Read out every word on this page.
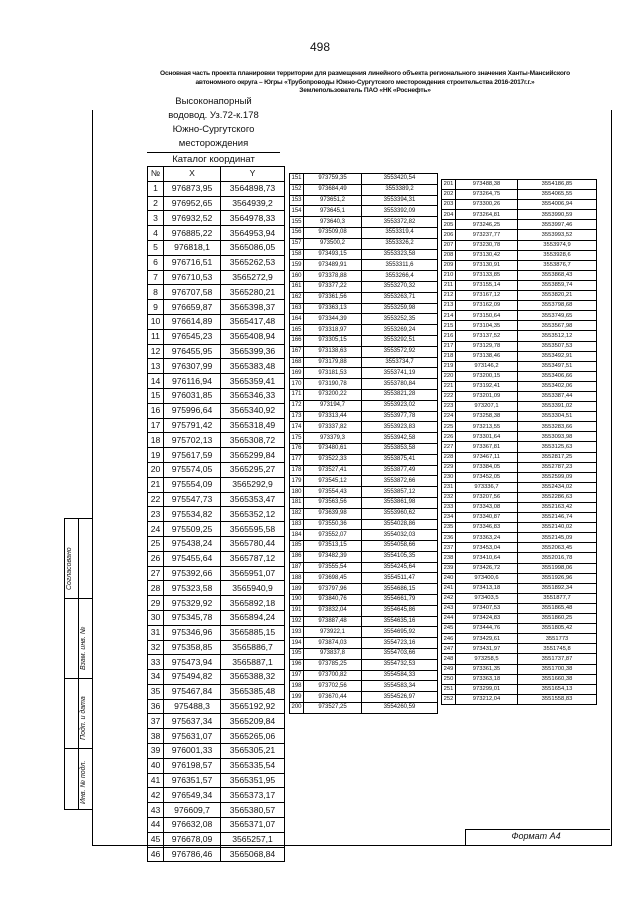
498
Основная часть проекта планировки территории для размещения линейного объекта регионального значения Ханты-Мансийского
автономного округа – Югры «Трубопроводы Южно-Сургутского месторождения строительства 2016-2017г.г.»
Землепользователь ПАО «НК «Роснефть»
Формат А4
Согласовано
Взам. инв. №
Подп. и дата
Инв. № подл.
Высоконапорный
водовод. Уз.72-к.178
Южно-Сургутского
месторождения
Каталог координат
№	X	Y
1	976873,95	3564898,73
2	976952,65	3564939,2
3	976932,52	3564978,33
4	976885,22	3564953,94
5	976818,1	3565086,05
6	976716,51	3565262,53
7	976710,53	3565272,9
8	976707,58	3565280,21
9	976659,87	3565398,37
10	976614,89	3565417,48
11	976545,23	3565408,94
12	976455,95	3565399,36
13	976307,99	3565383,48
14	976116,94	3565359,41
15	976031,85	3565346,33
16	975996,64	3565340,92
17	975791,42	3565318,49
18	975702,13	3565308,72
19	975617,59	3565299,84
20	975574,05	3565295,27
21	975554,09	3565292,9
22	975547,73	3565353,47
23	975534,82	3565352,12
24	975509,25	3565595,58
25	975438,24	3565780,44
26	975455,64	3565787,12
27	975392,66	3565951,07
28	975323,58	3565940,9
29	975329,92	3565892,18
30	975345,78	3565894,24
31	975346,96	3565885,15
32	975358,85	3565886,7
33	975473,94	3565887,1
34	975494,82	3565388,32
35	975467,84	3565385,48
36	975488,3	3565192,92
37	975637,34	3565209,84
38	975631,07	3565265,06
39	976001,33	3565305,21
40	976198,57	3565335,54
41	976351,57	3565351,95
42	976549,34	3565373,17
43	976609,7	3565380,57
44	976632,08	3565371,07
45	976678,09	3565257,1
46	976786,46	3565068,84
151	973759,35	3553420,54
152	973684,49	3553389,2
153	973651,2	3553394,31
154	973645,1	3553392,09
155	973640,3	3553372,82
156	973509,08	3553319,4
157	973500,2	3553326,2
158	973493,15	3553323,58
159	973489,91	3553311,6
160	973378,88	3553266,4
161	973377,22	3553270,32
162	973361,56	3553263,71
163	973363,13	3553259,98
164	973344,39	3553252,35
165	973318,97	3553269,24
166	973305,15	3553292,51
167	973138,63	3553572,92
168	973179,88	3553734,7
169	973181,53	3553741,19
170	973190,78	3553780,84
171	973200,22	3553821,28
172	973194,7	3553923,02
173	973313,44	3553977,78
174	973337,82	3553923,83
175	973379,3	3553942,58
176	973480,61	3553853,58
177	973522,33	3553875,41
178	973527,41	3553877,49
179	973545,12	3553872,66
180	973554,43	3553857,12
181	973563,56	3553861,98
182	973639,98	3553960,62
183	973550,36	3554028,86
184	973552,07	3554032,03
185	973513,15	3554058,66
186	973482,39	3554105,35
187	973555,54	3554245,64
188	973698,45	3554511,47
189	973797,96	3554686,15
190	973840,76	3554661,79
191	973832,04	3554645,86
192	973887,48	3554635,16
193	973922,1	3554695,92
194	973874,03	3554723,16
195	973837,8	3554703,66
196	973785,25	3554732,53
197	973700,82	3554584,33
198	973702,56	3554583,34
199	973670,44	3554526,97
200	973527,25	3554260,59
201	973488,38	3554186,85
202	973264,75	3554065,55
203	973300,26	3554006,94
204	973264,81	3553990,59
205	973246,25	3553997,46
206	973237,77	3553993,52
207	973230,78	3553974,9
208	973130,42	3553928,6
209	973130,91	3553876,7
210	973133,85	3553868,43
211	973155,14	3553859,74
212	973167,12	3553820,21
213	973162,09	3553798,68
214	973150,64	3553749,65
215	973104,35	3553567,98
216	973137,52	3553512,12
217	973129,78	3553507,53
218	973138,46	3553492,91
219	973146,2	3553497,51
220	973200,15	3553406,66
221	973192,41	3553402,06
222	973201,09	3553387,44
223	973207,1	3553391,02
224	973258,38	3553304,51
225	973213,55	3553283,66
226	973301,64	3553093,98
227	973367,81	3553125,63
228	973467,11	3552817,25
229	973384,05	3552787,23
230	973452,05	3552599,09
231	973336,7	3552434,02
232	973207,56	3552286,63
233	973343,08	3552163,42
234	973340,87	3552146,74
235	973346,83	3552140,02
236	973363,24	3552145,09
237	973453,04	3552063,45
238	973410,64	3552016,78
239	973426,72	3551998,06
240	973400,6	3551926,96
241	973413,18	3551892,34
242	973403,5	3551877,7
243	973407,53	3551865,48
244	973424,83	3551860,25
245	973444,76	3551805,42
246	973429,61	3551773
247	973431,97	3551745,8
248	973258,5	3551737,87
249	973361,35	3551700,38
250	973363,18	3551660,38
251	973299,01	3551654,13
252	973212,04	3551558,83
